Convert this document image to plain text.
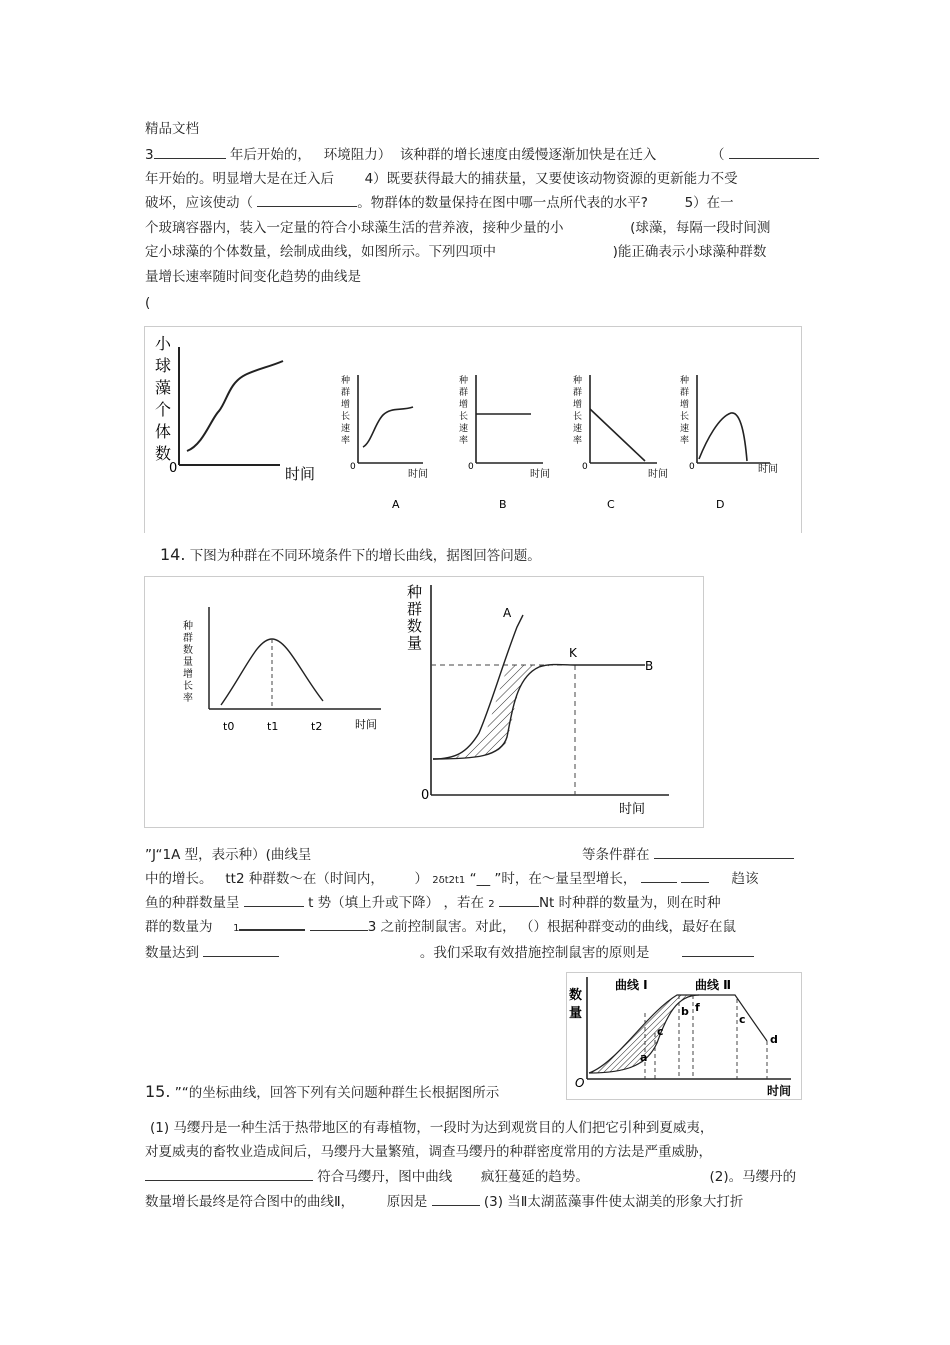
精品文档
3	年后开始的， 环境阻力） 该种群的增长速度由缓慢逐渐加快是在迁入	（
年开始的。明显增大是在迁入后 4）既要获得最大的捕获量，又要使该动物资源的更新能力不受
破坏，应该使动（	。物群体的数量保持在图中哪一点所代表的水平?	5）在一
个玻璃容器内，装入一定量的符合小球藻生活的营养液，接种少量的小	(球藻，每隔一段时间测
定小球藻的个体数量，绘制成曲线，如图所示。下列四项中	)能正确表示小球藻种群数
量增长速率随时间变化趋势的曲线是
(
小
球
藻
个
体
数
0	时间
种
群
增
长
速
率
0
时间
A
种
群
增
长
速
率
0
时间
B
种
群
增
长
速
率
0
时间
C
种
群
增
长
速
率
0	时间
D
14. 下图为种群在不同环境条件下的增长曲线，据图回答问题。
种
群
数
量
增
长
率
t0	t1	t2	时间
种
群
数
量
0
时间
A
K
B
”J“1A 型，表示种）(曲线呈	等条件群在
中的增长。 tt2 种群数～在（时间内， ） 2δt2t1 “__ ”时，在～量呈型增长，	趋该
鱼的种群数量呈	t 势（填上升或下降） ，若在 2	Nt 时种群的数量为，则在时种
群的数量为 1	3 之前控制鼠害。对此， （）根据种群变动的曲线，最好在鼠
数量达到	。我们采取有效措施控制鼠害的原则是
数
量
O
时间
曲线 I	曲线 Ⅱ
a
b
c
c
d
f
15. ”“的坐标曲线，回答下列有关问题种群生长根据图所示
(1) 马缨丹是一种生活于热带地区的有毒植物，一段时为达到观赏目的人们把它引种到夏威夷，
对夏威夷的畜牧业造成间后，马缨丹大量繁殖，调查马缨丹的种群密度常用的方法是严重威胁，
符合马缨丹，图中曲线 疯狂蔓延的趋势。	(2)。马缨丹的
数量增长最终是符合图中的曲线Ⅱ， 原因是	(3) 当Ⅱ太湖蓝藻事件使太湖美的形象大打折
